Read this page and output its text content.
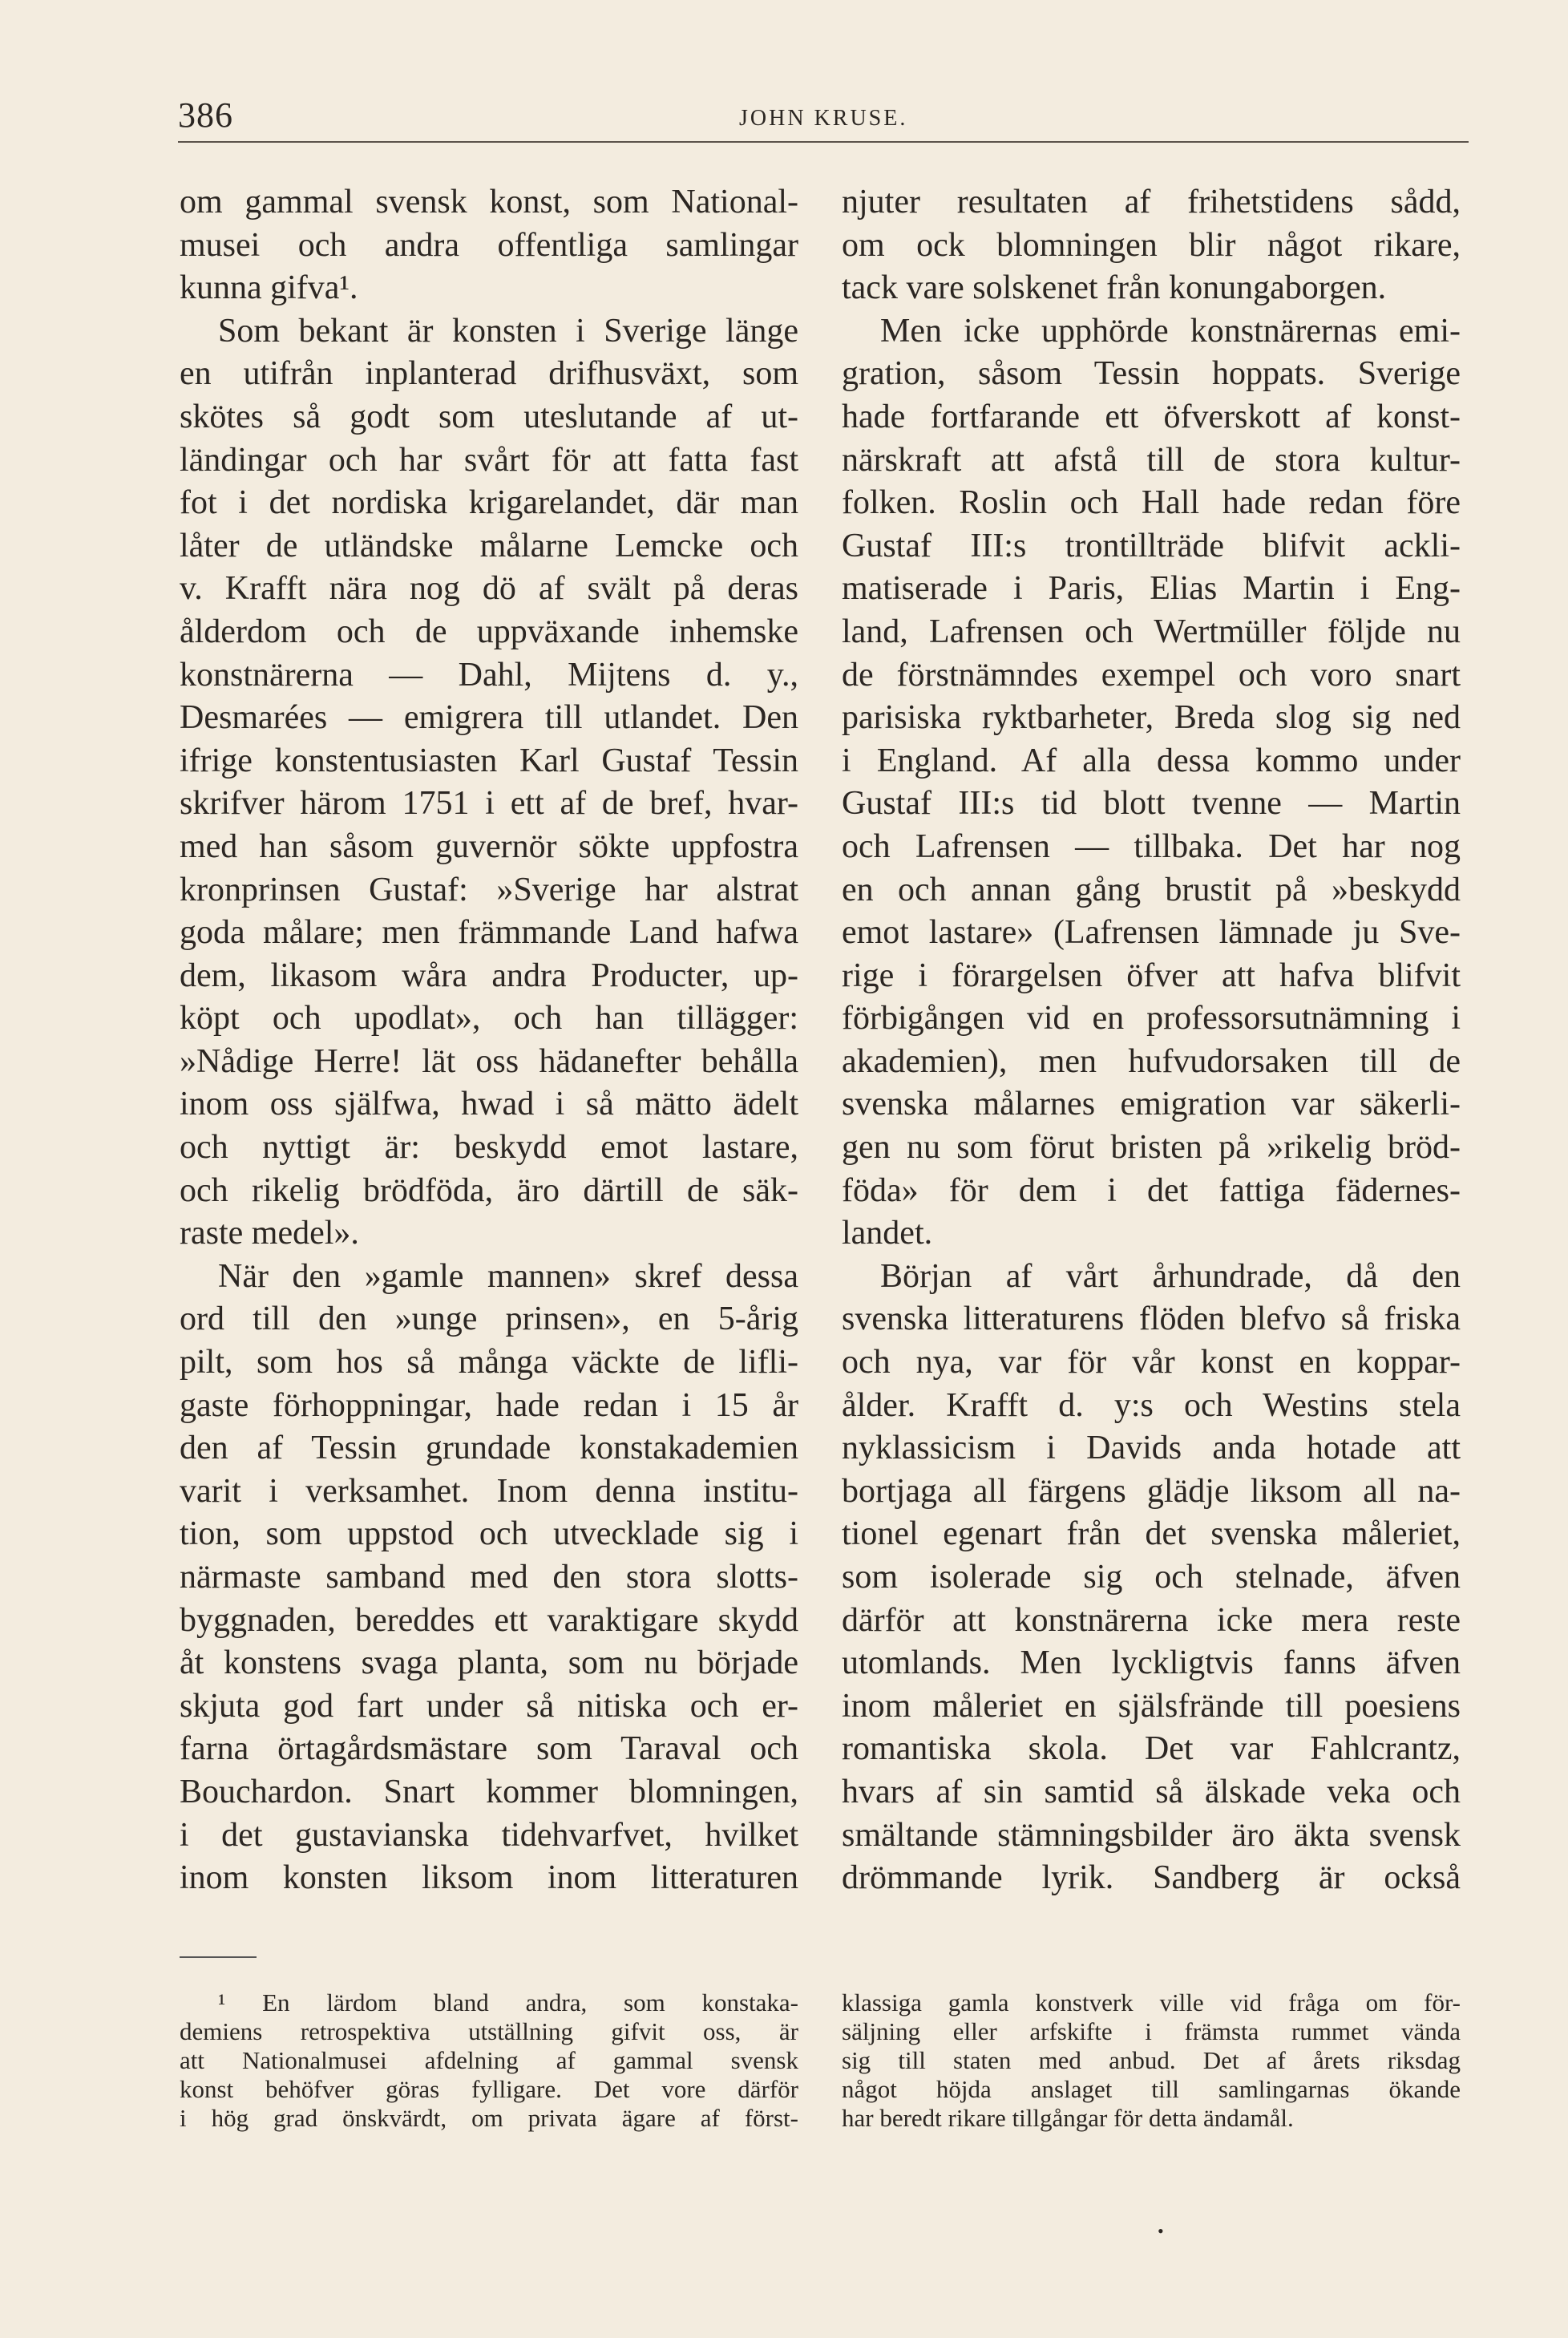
386	JOHN KRUSE.
om gammal svensk konst, som National-
musei och andra offentliga samlingar
kunna gifva¹.
Som bekant är konsten i Sverige länge
en utifrån inplanterad drifhusväxt, som
skötes så godt som uteslutande af ut-
ländingar och har svårt för att fatta fast
fot i det nordiska krigarelandet, där man
låter de utländske målarne Lemcke och
v. Krafft nära nog dö af svält på deras
ålderdom och de uppväxande inhemske
konstnärerna — Dahl, Mijtens d. y.,
Desmarées — emigrera till utlandet. Den
ifrige konstentusiasten Karl Gustaf Tessin
skrifver härom 1751 i ett af de bref, hvar-
med han såsom guvernör sökte uppfostra
kronprinsen Gustaf: »Sverige har alstrat
goda målare; men främmande Land hafwa
dem, likasom wåra andra Producter, up-
köpt och upodlat», och han tillägger:
»Nådige Herre! lät oss hädanefter behålla
inom oss själfwa, hwad i så mätto ädelt
och nyttigt är: beskydd emot lastare,
och rikelig brödföda, äro därtill de säk-
raste medel».
När den »gamle mannen» skref dessa
ord till den »unge prinsen», en 5-årig
pilt, som hos så många väckte de lifli-
gaste förhoppningar, hade redan i 15 år
den af Tessin grundade konstakademien
varit i verksamhet. Inom denna institu-
tion, som uppstod och utvecklade sig i
närmaste samband med den stora slotts-
byggnaden, bereddes ett varaktigare skydd
åt konstens svaga planta, som nu började
skjuta god fart under så nitiska och er-
farna örtagårdsmästare som Taraval och
Bouchardon. Snart kommer blomningen,
i det gustavianska tidehvarfvet, hvilket
inom konsten liksom inom litteraturen
njuter resultaten af frihetstidens sådd,
om ock blomningen blir något rikare,
tack vare solskenet från konungaborgen.
Men icke upphörde konstnärernas emi-
gration, såsom Tessin hoppats. Sverige
hade fortfarande ett öfverskott af konst-
närskraft att afstå till de stora kultur-
folken. Roslin och Hall hade redan före
Gustaf III:s trontillträde blifvit ackli-
matiserade i Paris, Elias Martin i Eng-
land, Lafrensen och Wertmüller följde nu
de förstnämndes exempel och voro snart
parisiska ryktbarheter, Breda slog sig ned
i England. Af alla dessa kommo under
Gustaf III:s tid blott tvenne — Martin
och Lafrensen — tillbaka. Det har nog
en och annan gång brustit på »beskydd
emot lastare» (Lafrensen lämnade ju Sve-
rige i förargelsen öfver att hafva blifvit
förbigången vid en professorsutnämning i
akademien), men hufvudorsaken till de
svenska målarnes emigration var säkerli-
gen nu som förut bristen på »rikelig bröd-
föda» för dem i det fattiga fädernes-
landet.
Början af vårt århundrade, då den
svenska litteraturens flöden blefvo så friska
och nya, var för vår konst en koppar-
ålder. Krafft d. y:s och Westins stela
nyklassicism i Davids anda hotade att
bortjaga all färgens glädje liksom all na-
tionel egenart från det svenska måleriet,
som isolerade sig och stelnade, äfven
därför att konstnärerna icke mera reste
utomlands. Men lyckligtvis fanns äfven
inom måleriet en själsfrände till poesiens
romantiska skola. Det var Fahlcrantz,
hvars af sin samtid så älskade veka och
smältande stämningsbilder äro äkta svensk
drömmande lyrik. Sandberg är också
¹ En lärdom bland andra, som konstaka-
demiens retrospektiva utställning gifvit oss, är
att Nationalmusei afdelning af gammal svensk
konst behöfver göras fylligare. Det vore därför
i hög grad önskvärdt, om privata ägare af först-
klassiga gamla konstverk ville vid fråga om för-
säljning eller arfskifte i främsta rummet vända
sig till staten med anbud. Det af årets riksdag
något höjda anslaget till samlingarnas ökande
har beredt rikare tillgångar för detta ändamål.
•
